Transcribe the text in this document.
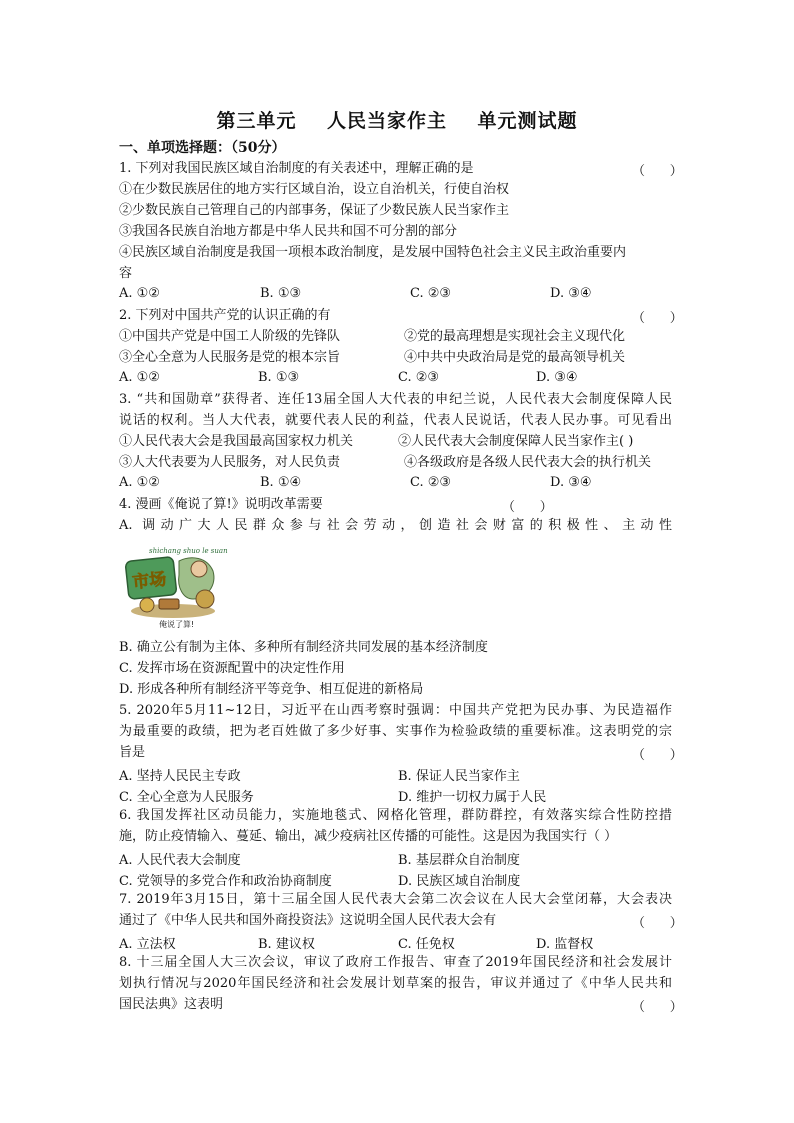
第三单元    人民当家作主    单元测试题
一、单项选择题：（50分）
1. 下列对我国民族区域自治制度的有关表述中，理解正确的是	（      ）
①在少数民族居住的地方实行区域自治，设立自治机关，行使自治权
②少数民族自己管理自己的内部事务，保证了少数民族人民当家作主
③我国各民族自治地方都是中华人民共和国不可分割的部分
④民族区域自治制度是我国一项根本政治制度，是发展中国特色社会主义民主政治重要内
容
A. ①②	B. ①③	C. ②③	D. ③④
2. 下列对中国共产党的认识正确的有	（      ）
①中国共产党是中国工人阶级的先锋队	②党的最高理想是实现社会主义现代化
③全心全意为人民服务是党的根本宗旨	④中共中央政治局是党的最高领导机关
A. ①②	B. ①③	C. ②③	D. ③④
3. “共和国勋章”获得者、连任13届全国人大代表的申纪兰说，人民代表大会制度保障人民
说话的权利。当人大代表，就要代表人民的利益，代表人民说话，代表人民办事。可见看出
①人民代表大会是我国最高国家权力机关	②人民代表大会制度保障人民当家作主( )
③人大代表要为人民服务，对人民负责	④各级政府是各级人民代表大会的执行机关
A. ①②	B. ①④	C. ②③	D. ③④
4. 漫画《俺说了算!》说明改革需要	（      ）
A. 调动广大人民群众参与社会劳动，创造社会财富的积极性、主动性
shichang shuo le suan
市场
俺说了算!
B. 确立公有制为主体、多种所有制经济共同发展的基本经济制度
C. 发挥市场在资源配置中的决定性作用
D. 形成各种所有制经济平等竞争、相互促进的新格局
5. 2020年5月11~12日，习近平在山西考察时强调：中国共产党把为民办事、为民造福作
为最重要的政绩，把为老百姓做了多少好事、实事作为检验政绩的重要标准。这表明党的宗
旨是	（      ）
A. 坚持人民民主专政	B. 保证人民当家作主
C. 全心全意为人民服务	D. 维护一切权力属于人民
6. 我国发挥社区动员能力，实施地毯式、网格化管理，群防群控，有效落实综合性防控措
施，防止疫情输入、蔓延、输出，减少疫病社区传播的可能性。这是因为我国实行（ ）
A. 人民代表大会制度	B. 基层群众自治制度
C. 党领导的多党合作和政治协商制度	D. 民族区域自治制度
7. 2019年3月15日，第十三届全国人民代表大会第二次会议在人民大会堂闭幕，大会表决
通过了《中华人民共和国外商投资法》这说明全国人民代表大会有	（      ）
A. 立法权	B. 建议权	C. 任免权	D. 监督权
8. 十三届全国人大三次会议，审议了政府工作报告、审查了2019年国民经济和社会发展计
划执行情况与2020年国民经济和社会发展计划草案的报告，审议并通过了《中华人民共和
国民法典》这表明	（      ）
